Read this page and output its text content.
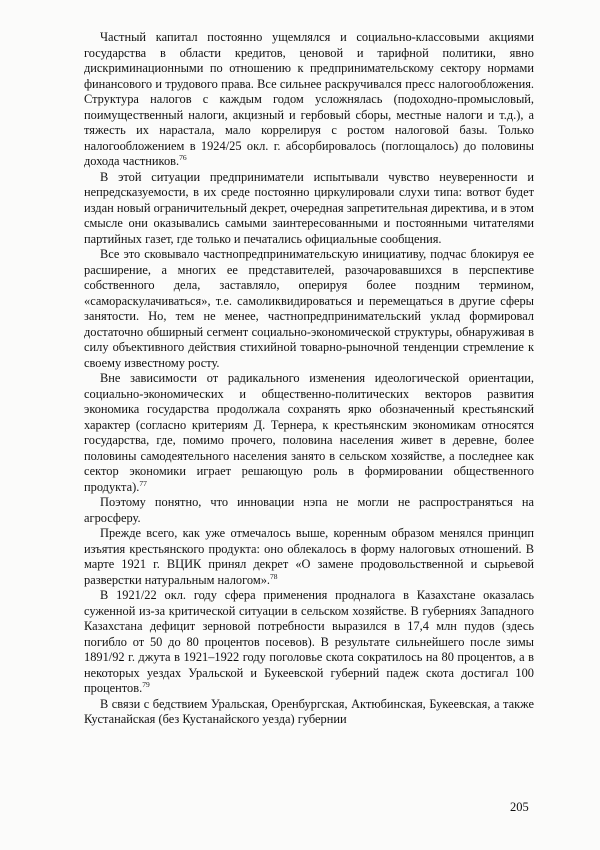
Частный капитал постоянно ущемлялся и социально-классовыми акциями государства в области кредитов, ценовой и тарифной политики, явно дискриминационными по отношению к предпринимательскому сектору нормами финансового и трудового права. Все сильнее раскручивался пресс налогообложения. Структура налогов с каждым годом усложнялась (подоходно-промысловый, поимущественный налоги, акцизный и гербовый сборы, местные налоги и т.д.), а тяжесть их нарастала, мало коррелируя с ростом налоговой базы. Только налогообложением в 1924/25 окл. г. абсорбировалось (поглощалось) до половины дохода частников.$^{76}$

В этой ситуации предприниматели испытывали чувство неуверенности и непредсказуемости, в их среде постоянно циркулировали слухи типа: вотвот будет издан новый ограничительный декрет, очередная запретительная директива, и в этом смысле они оказывались самыми заинтересованными и постоянными читателями партийных газет, где только и печатались официальные сообщения.

Все это сковывало частнопредпринимательскую инициативу, подчас блокируя ее расширение, а многих ее представителей, разочаровавшихся в перспективе собственного дела, заставляло, оперируя более поздним термином, «самораскулачиваться», т.е. самоликвидироваться и перемещаться в другие сферы занятости. Но, тем не менее, частнопредпринимательский уклад формировал достаточно обширный сегмент социально-экономической структуры, обнаруживая в силу объективного действия стихийной товарно-рыночной тенденции стремление к своему известному росту.

Вне зависимости от радикального изменения идеологической ориентации, социально-экономических и общественно-политических векторов развития экономика государства продолжала сохранять ярко обозначенный крестьянский характер (согласно критериям Д. Тернера, к крестьянским экономикам относятся государства, где, помимо прочего, половина населения живет в деревне, более половины самодеятельного населения занято в сельском хозяйстве, а последнее как сектор экономики играет решающую роль в формировании общественного продукта).$^{77}$

Поэтому понятно, что инновации нэпа не могли не распространяться на агросферу.

Прежде всего, как уже отмечалось выше, коренным образом менялся принцип изъятия крестьянского продукта: оно облекалось в форму налоговых отношений. В марте 1921 г. ВЦИК принял декрет «О замене продовольственной и сырьевой разверстки натуральным налогом».$^{78}$

В 1921/22 окл. году сфера применения продналога в Казахстане оказалась суженной из-за критической ситуации в сельском хозяйстве. В губерниях Западного Казахстана дефицит зерновой потребности выразился в 17,4 млн пудов (здесь погибло от 50 до 80 процентов посевов). В результате сильнейшего после зимы 1891/92 г. джута в 1921–1922 году поголовье скота сократилось на 80 процентов, а в некоторых уездах Уральской и Букеевской губерний падеж скота достигал 100 процентов.$^{79}$

В связи с бедствием Уральская, Оренбургская, Актюбинская, Букеевская, а также Кустанайская (без Кустанайского уезда) губернии

205
